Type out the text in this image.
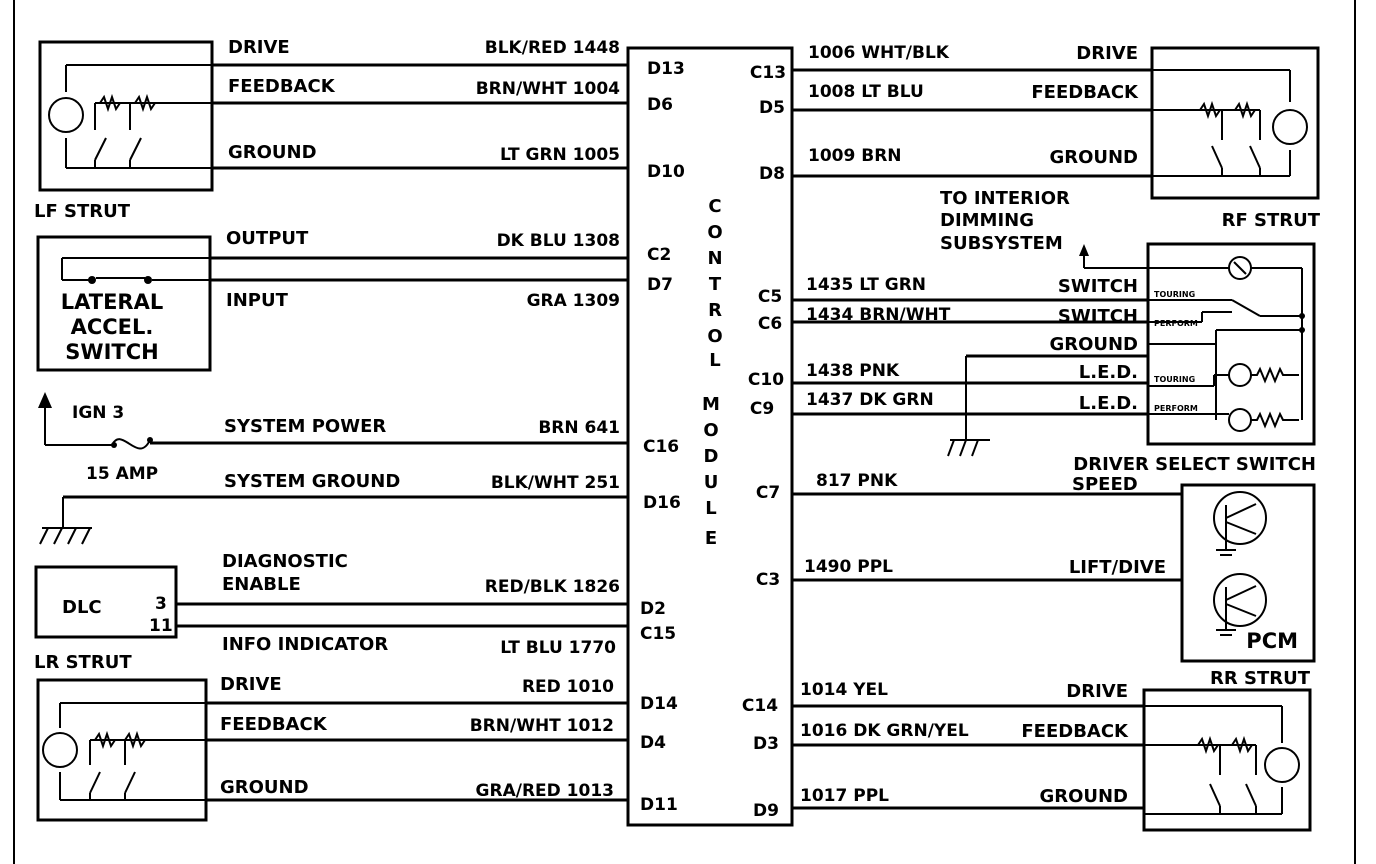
C
O
N
T
R
O
L
M
O
D
U
L
E
LF STRUT
DRIVE
FEEDBACK
GROUND
BLK/RED 1448
BRN/WHT 1004
LT GRN 1005
D13
D6
D10
LATERAL
ACCEL.
SWITCH
OUTPUT
INPUT
DK BLU 1308
GRA 1309
C2
D7
IGN 3
15 AMP
SYSTEM POWER	BRN 641
C16
SYSTEM GROUND	BLK/WHT 251
D16
DLC	3
11
DIAGNOSTIC
ENABLE	RED/BLK 1826
D2
INFO INDICATOR	LT BLU 1770
C15
LR STRUT
DRIVE
FEEDBACK
GROUND
RED 1010
BRN/WHT 1012
GRA/RED 1013
D14
D4
D11
RF STRUT
C13
D5
D8
1006 WHT/BLK
1008 LT BLU
1009 BRN
DRIVE
FEEDBACK
GROUND
TO INTERIOR
DIMMING
SUBSYSTEM
TOURING
PERFORM
TOURING
PERFORM
DRIVER SELECT SWITCH
C5
C6
C10
C9
1435 LT GRN
1434 BRN/WHT
1438 PNK
1437 DK GRN
SWITCH
SWITCH
GROUND
L.E.D.
L.E.D.
PCM
C7
C3
817 PNK
1490 PPL
SPEED
LIFT/DIVE
RR STRUT
C14
D3
D9
1014 YEL
1016 DK GRN/YEL
1017 PPL
DRIVE
FEEDBACK
GROUND
